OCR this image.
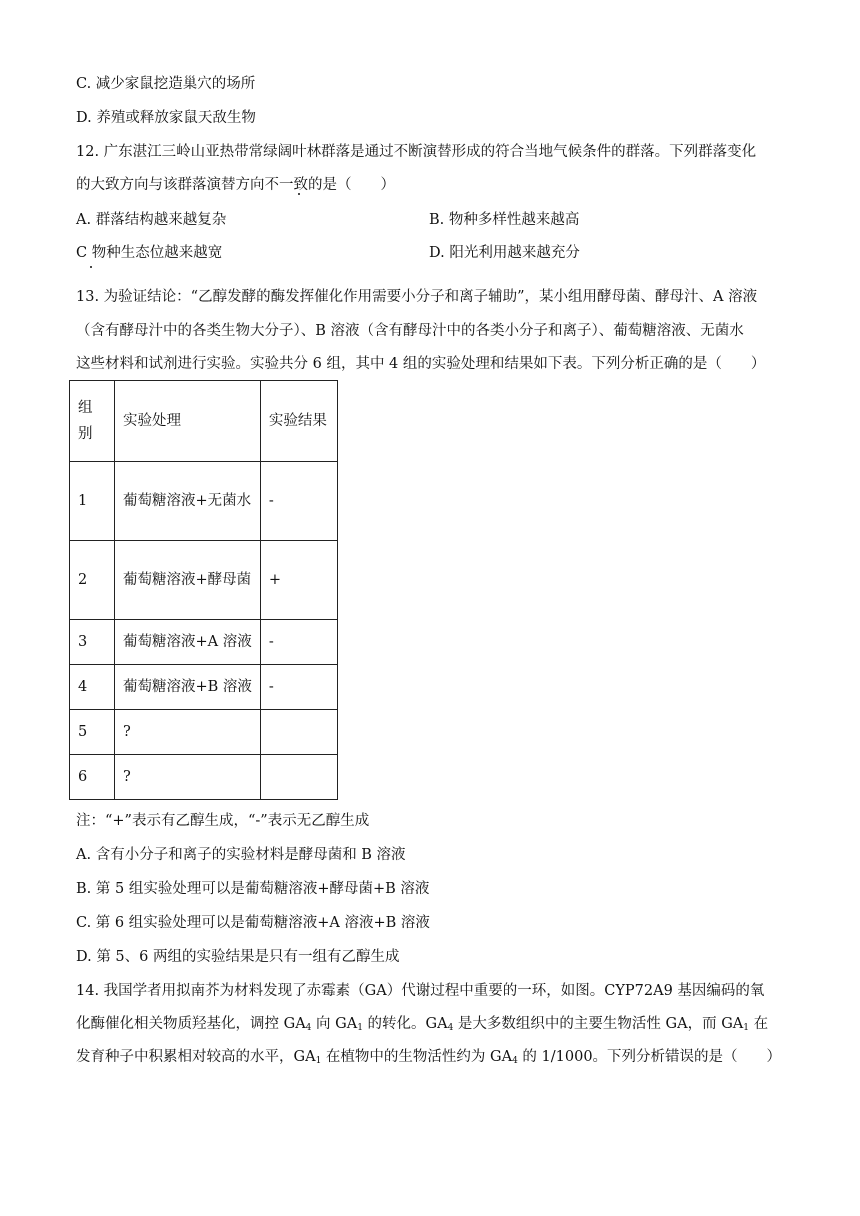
C. 减少家鼠挖造巢穴的场所
D. 养殖或释放家鼠天敌生物
12. 广东湛江三岭山亚热带常绿阔叶林群落是通过不断演替形成的符合当地气候条件的群落。下列群落变化
的大致方向与该群落演替方向不一致的是（　　）
A. 群落结构越来越复杂	B. 物种多样性越来越高
C 物种生态位越来越宽	D. 阳光利用越来越充分
13. 为验证结论：“乙醇发酵的酶发挥催化作用需要小分子和离子辅助”，某小组用酵母菌、酵母汁、A 溶液
（含有酵母汁中的各类生物大分子）、B 溶液（含有酵母汁中的各类小分子和离子）、葡萄糖溶液、无菌水
这些材料和试剂进行实验。实验共分 6 组，其中 4 组的实验处理和结果如下表。下列分析正确的是（　　）
组别	实验处理	实验结果
1	葡萄糖溶液+无菌水	-
2	葡萄糖溶液+酵母菌	+
3	葡萄糖溶液+A 溶液	-
4	葡萄糖溶液+B 溶液	-
5	?	
6	?	
注：“+”表示有乙醇生成，“-”表示无乙醇生成
A. 含有小分子和离子的实验材料是酵母菌和 B 溶液
B. 第 5 组实验处理可以是葡萄糖溶液+酵母菌+B 溶液
C. 第 6 组实验处理可以是葡萄糖溶液+A 溶液+B 溶液
D. 第 5、6 两组的实验结果是只有一组有乙醇生成
14. 我国学者用拟南芥为材料发现了赤霉素（GA）代谢过程中重要的一环，如图。CYP72A9 基因编码的氧
化酶催化相关物质羟基化，调控 $GA_4$ 向 $GA_1$ 的转化。$GA_4$ 是大多数组织中的主要生物活性 GA，而 $GA_1$ 在
发育种子中积累相对较高的水平，$GA_1$ 在植物中的生物活性约为 $GA_4$ 的 1/1000。下列分析错误的是（　　）
